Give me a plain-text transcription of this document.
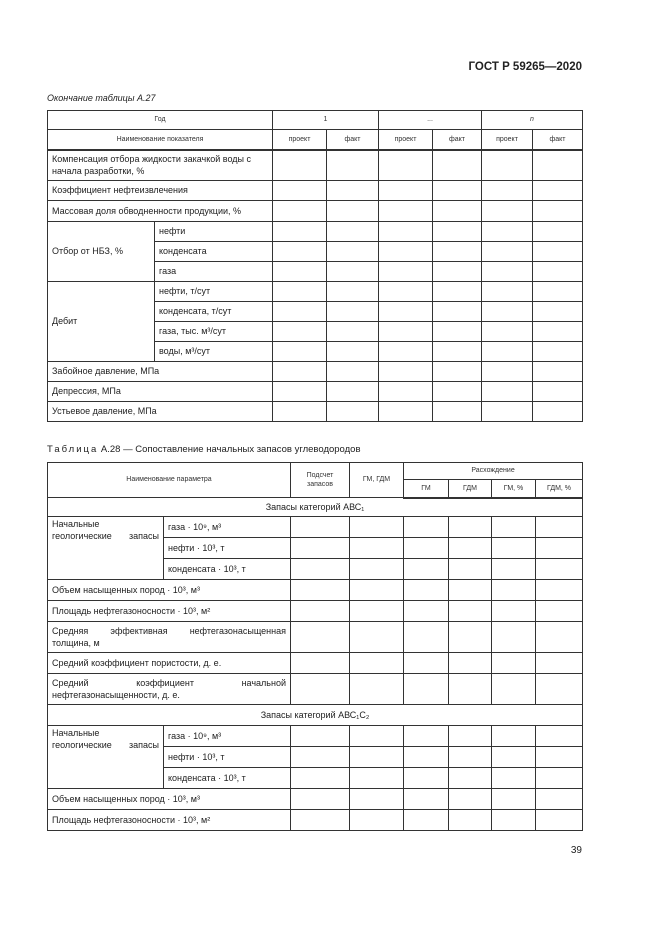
ГОСТ Р 59265—2020
Окончание таблицы А.27
Год		1		...		n	
Наименование показателя		проект	факт	проект	факт	проект	факт
Компенсация отбора жидкости закачкой воды с начала разработки, %							
Коэффициент нефтеизвлечения							
Массовая доля обводненности продукции, %							
Отбор от НБЗ, %	нефти						
	конденсата						
	газа						
Дебит	нефти, т/сут						
	конденсата, т/сут						
	газа, тыс. м³/сут						
	воды, м³/сут						
Забойное давление, МПа							
Депрессия, МПа							
Устьевое давление, МПа							
Таблица А.28 — Сопоставление начальных запасов углеводородов
Наименование параметра		Подсчет запасов	ГМ, ГДМ	Расхождение			
				ГМ	ГДМ	ГМ, %	ГДМ, %
Запасы категорий АВС₁							
Начальные геологические запасы	газа · 10⁹, м³						
	нефти · 10³, т						
	конденсата · 10³, т						
Объем насыщенных пород · 10³, м³							
Площадь нефтегазоносности · 10³, м²							
Средняя эффективная нефтегазонасыщенная толщина, м							
Средний коэффициент пористости, д. е.							
Средний коэффициент начальной нефтегазонасыщенности, д. е.							
Запасы категорий АВС₁С₂							
Начальные геологические запасы	газа · 10⁹, м³						
	нефти · 10³, т						
	конденсата · 10³, т						
Объем насыщенных пород · 10³, м³							
Площадь нефтегазоносности · 10³, м²							
39
